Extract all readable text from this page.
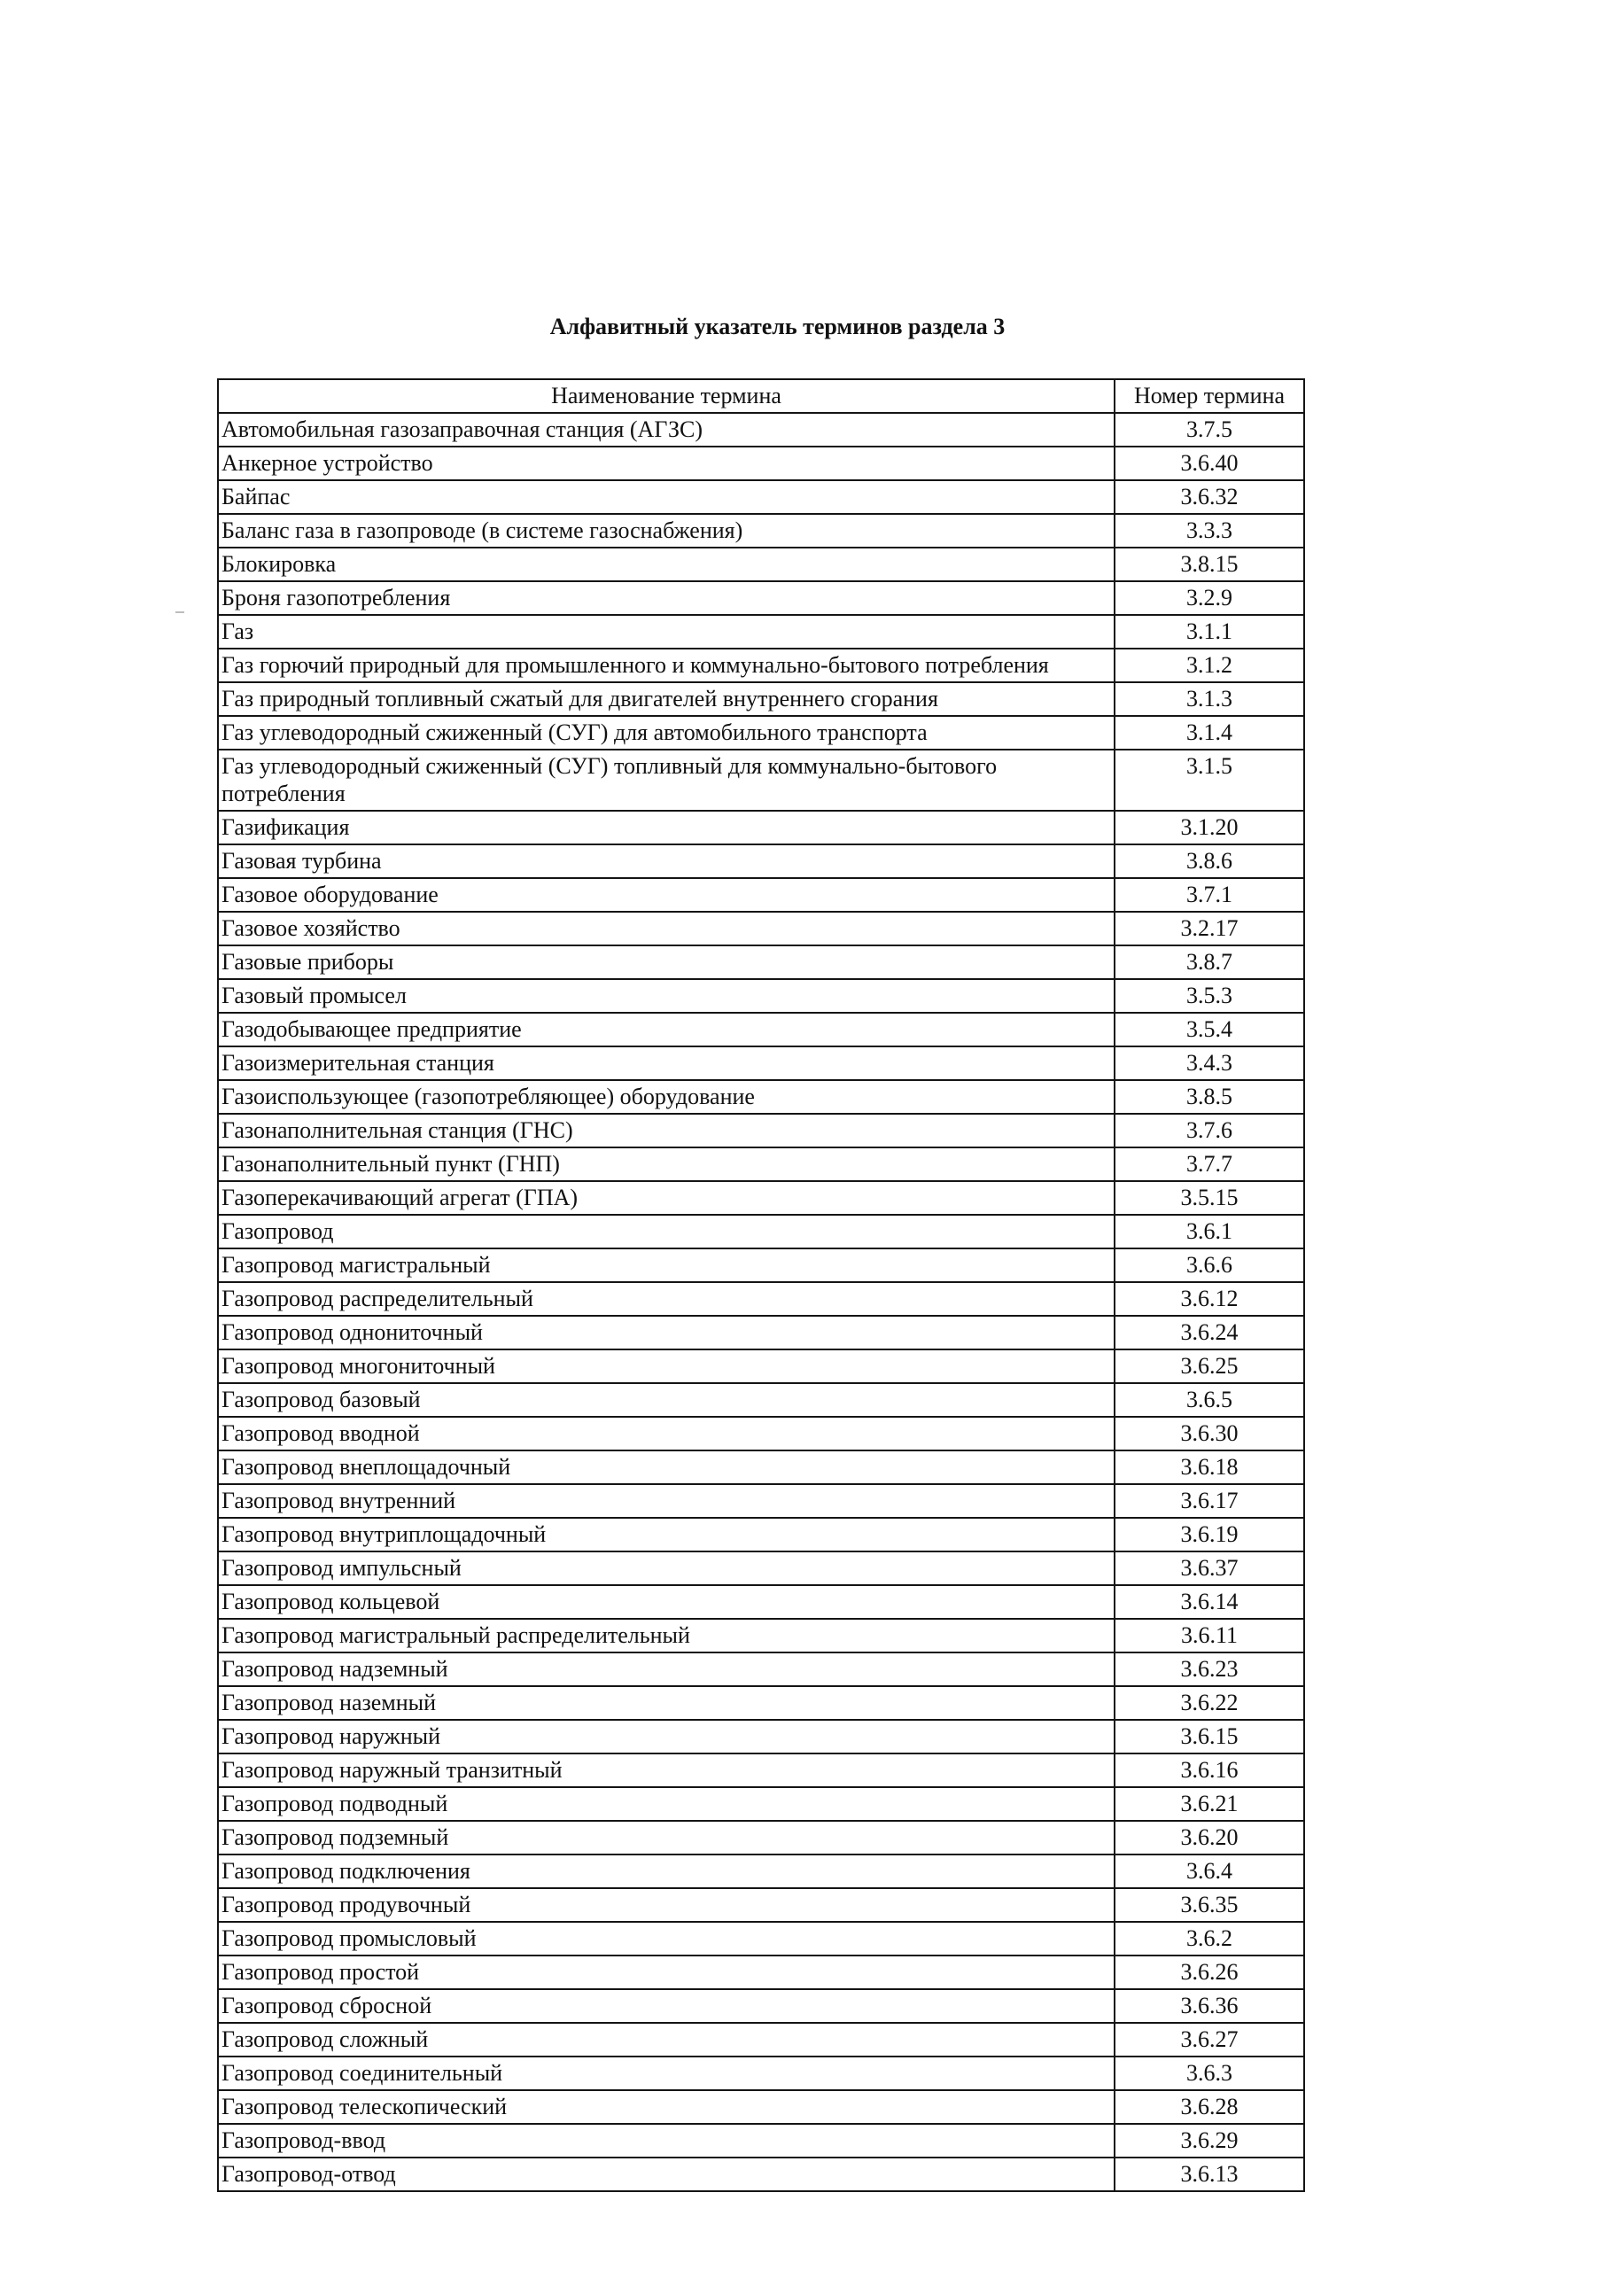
Алфавитный указатель терминов раздела 3
Наименование термина	Номер термина
Автомобильная газозаправочная станция (АГЗС)	3.7.5
Анкерное устройство	3.6.40
Байпас	3.6.32
Баланс газа в газопроводе (в системе газоснабжения)	3.3.3
Блокировка	3.8.15
Броня газопотребления	3.2.9
Газ	3.1.1
Газ горючий природный для промышленного и коммунально-бытового потребления	3.1.2
Газ природный топливный сжатый для двигателей внутреннего сгорания	3.1.3
Газ углеводородный сжиженный (СУГ) для автомобильного транспорта	3.1.4
Газ углеводородный сжиженный (СУГ) топливный для коммунально-бытового потребления	3.1.5
Газификация	3.1.20
Газовая турбина	3.8.6
Газовое оборудование	3.7.1
Газовое хозяйство	3.2.17
Газовые приборы	3.8.7
Газовый промысел	3.5.3
Газодобывающее предприятие	3.5.4
Газоизмерительная станция	3.4.3
Газоиспользующее (газопотребляющее) оборудование	3.8.5
Газонаполнительная станция (ГНС)	3.7.6
Газонаполнительный пункт (ГНП)	3.7.7
Газоперекачивающий агрегат (ГПА)	3.5.15
Газопровод	3.6.1
Газопровод магистральный	3.6.6
Газопровод распределительный	3.6.12
Газопровод однониточный	3.6.24
Газопровод многониточный	3.6.25
Газопровод базовый	3.6.5
Газопровод вводной	3.6.30
Газопровод внеплощадочный	3.6.18
Газопровод внутренний	3.6.17
Газопровод внутриплощадочный	3.6.19
Газопровод импульсный	3.6.37
Газопровод кольцевой	3.6.14
Газопровод магистральный распределительный	3.6.11
Газопровод надземный	3.6.23
Газопровод наземный	3.6.22
Газопровод наружный	3.6.15
Газопровод наружный транзитный	3.6.16
Газопровод подводный	3.6.21
Газопровод подземный	3.6.20
Газопровод подключения	3.6.4
Газопровод продувочный	3.6.35
Газопровод промысловый	3.6.2
Газопровод простой	3.6.26
Газопровод сбросной	3.6.36
Газопровод сложный	3.6.27
Газопровод соединительный	3.6.3
Газопровод телескопический	3.6.28
Газопровод-ввод	3.6.29
Газопровод-отвод	3.6.13
